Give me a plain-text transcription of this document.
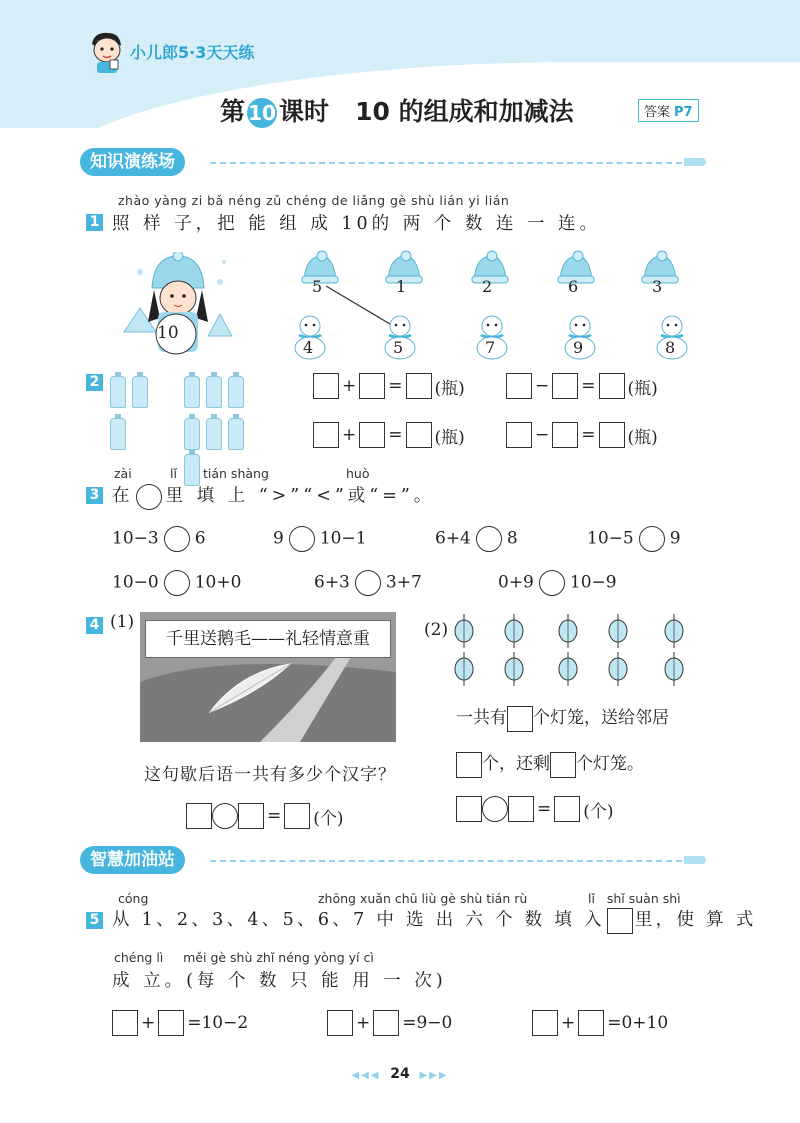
小儿郎5·3天天练
第 10 课时 10 的组成和加减法	答案 P7
知识演练场
zhào yàng zi bǎ néng zǔ chéng de liǎng gè shù lián yi lián
1 照 样 子，把 能 组 成 10的 两 个 数 连 一 连。
10
5	1	2	6	3
4	5	7	9	8
2	+ = (瓶)	− = (瓶)
+ = (瓶)	− = (瓶)
zài	lǐ tián shàng	huò
3 在 里 填 上 “>”“<”或“=”。
10−3 6	9 10−1	6+4 8	10−5 9
10−0 10+0	6+3 3+7	0+9 10−9
4 (1)
千里送鹅毛——礼轻情意重
这句歇后语一共有多少个汉字？
= (个)
(2)
一共有 个灯笼，送给邻居
个，还剩 个灯笼。
= (个)
智慧加油站
cóng	zhōng xuǎn chū liù gè shù tián rù	lǐ   shǐ suàn shì
5 从 1、2、3、4、5、6、7 中 选 出 六 个 数 填 入 里，使 算 式
chéng lì     měi gè shù zhǐ néng yòng yí cì
成 立。(每 个 数 只 能 用 一 次)
+ =10−2	+ =9−0	+ =0+10
◀◀◀ 24 ▶▶▶
